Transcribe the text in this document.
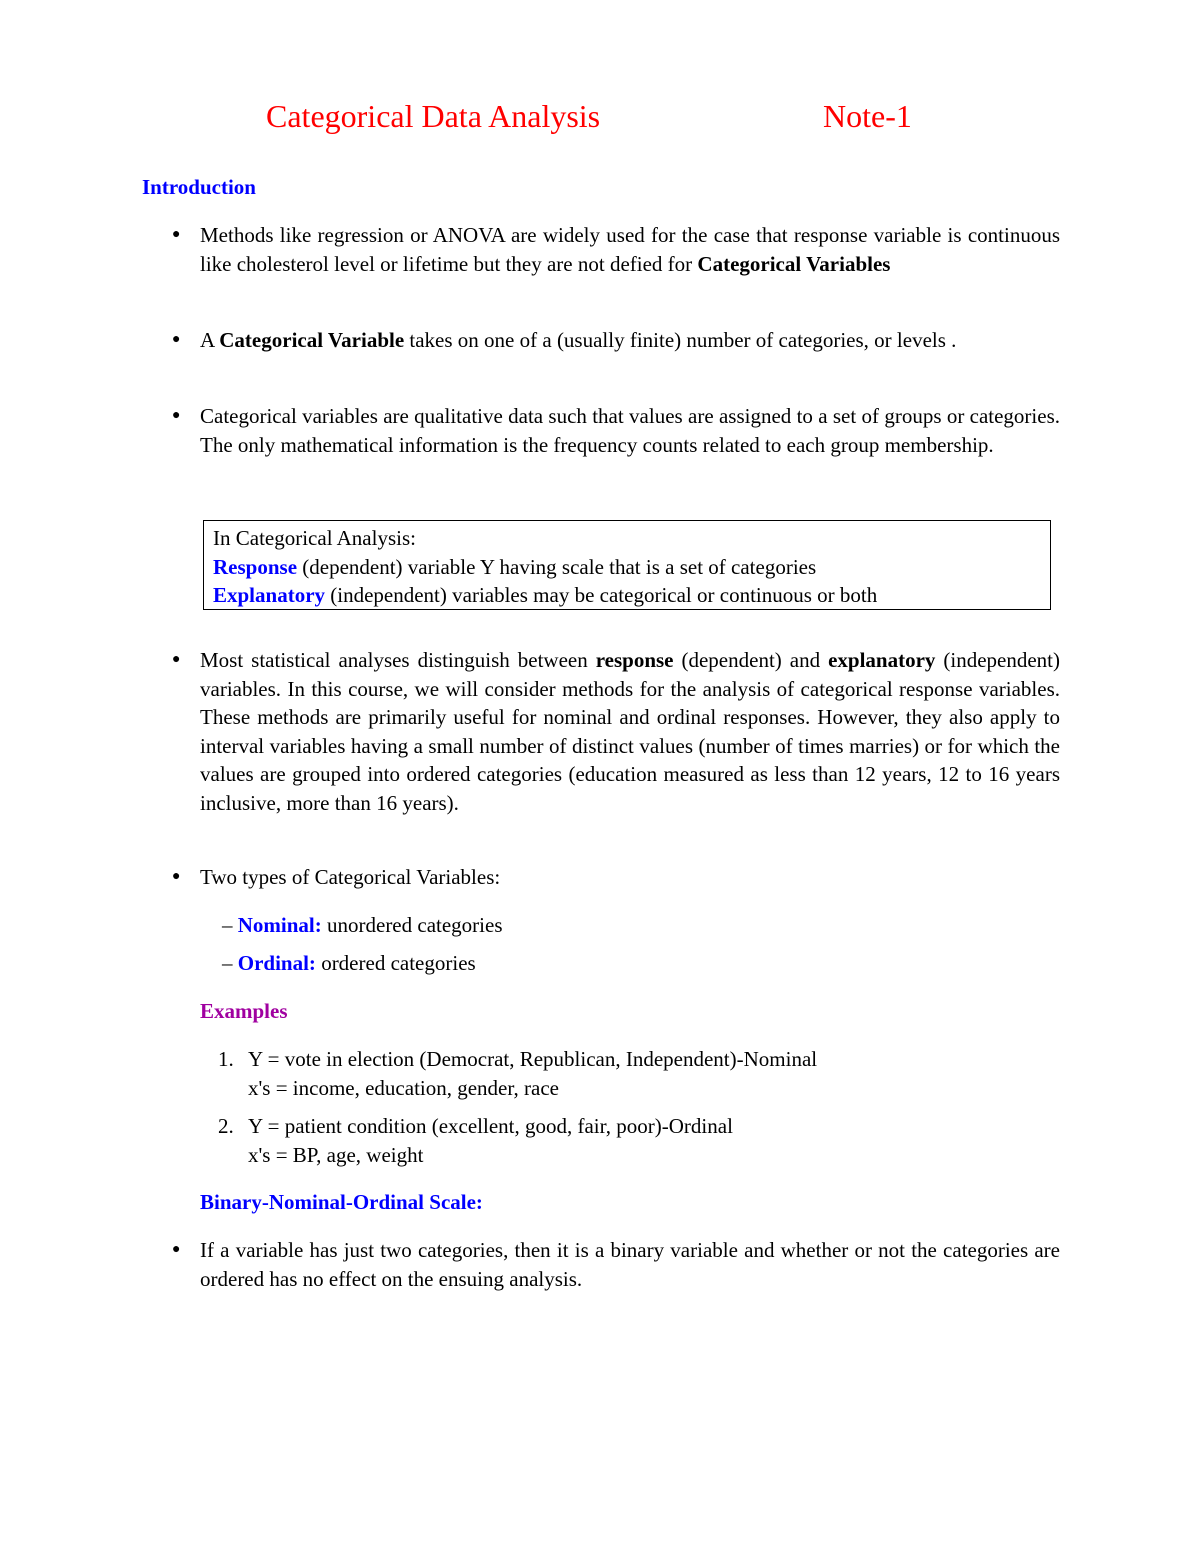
Categorical Data Analysis	Note-1
Introduction
● Methods like regression or ANOVA are widely used for the case that response variable is continuous like cholesterol level or lifetime but they are not defied for Categorical Variables
● A Categorical Variable takes on one of a (usually finite) number of categories, or levels .
● Categorical variables are qualitative data such that values are assigned to a set of groups or categories. The only mathematical information is the frequency counts related to each group membership.
In Categorical Analysis:
Response (dependent) variable Y having scale that is a set of categories
Explanatory (independent) variables may be categorical or continuous or both
● Most statistical analyses distinguish between response (dependent) and explanatory (independent) variables. In this course, we will consider methods for the analysis of categorical response variables. These methods are primarily useful for nominal and ordinal responses. However, they also apply to interval variables having a small number of distinct values (number of times marries) or for which the values are grouped into ordered categories (education measured as less than 12 years, 12 to 16 years inclusive, more than 16 years).
● Two types of Categorical Variables:
– Nominal: unordered categories
– Ordinal: ordered categories
Examples
1. Y = vote in election (Democrat, Republican, Independent)-Nominal
x's = income, education, gender, race
2. Y = patient condition (excellent, good, fair, poor)-Ordinal
x's = BP, age, weight
Binary-Nominal-Ordinal Scale:
● If a variable has just two categories, then it is a binary variable and whether or not the categories are ordered has no effect on the ensuing analysis.
